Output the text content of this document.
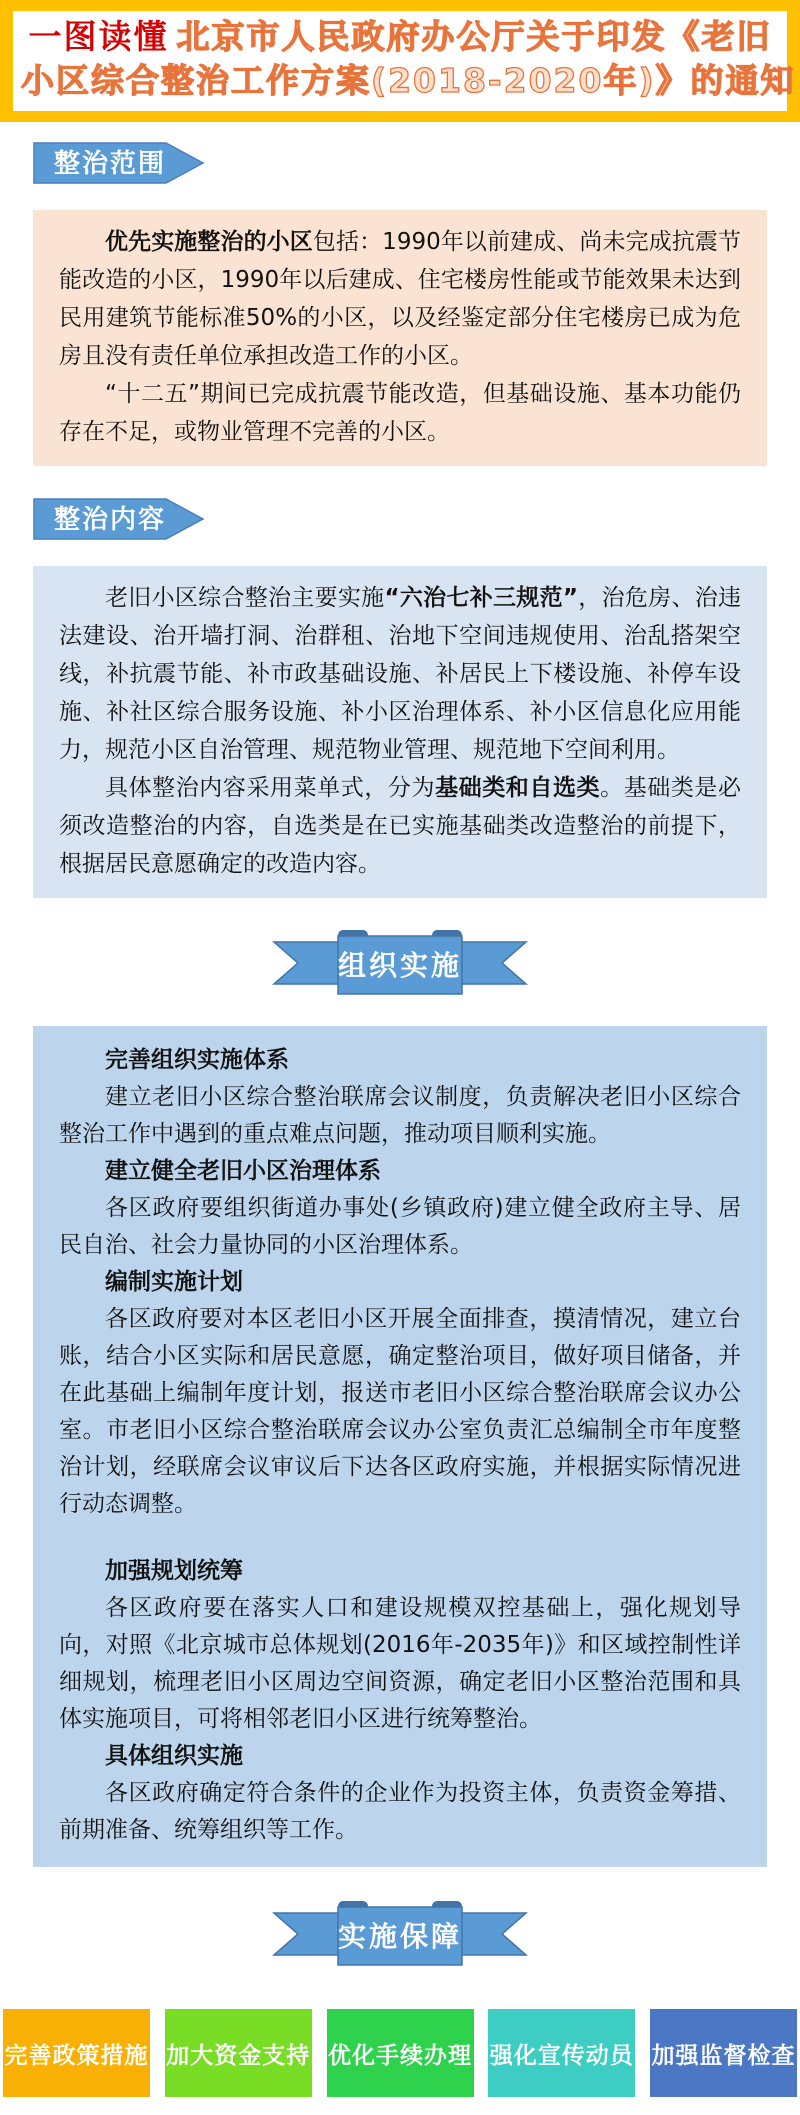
一图读懂 北京市人民政府办公厅关于印发《老旧
小区综合整治工作方案(2018-2020年)》的通知
整治范围

优先实施整治的小区包括：1990年以前建成、尚未完成抗震节能改造的小区，1990年以后建成、住宅楼房性能或节能效果未达到民用建筑节能标准50%的小区，以及经鉴定部分住宅楼房已成为危房且没有责任单位承担改造工作的小区。

“十二五”期间已完成抗震节能改造，但基础设施、基本功能仍存在不足，或物业管理不完善的小区。

整治内容

老旧小区综合整治主要实施“六治七补三规范”，治危房、治违法建设、治开墙打洞、治群租、治地下空间违规使用、治乱搭架空线，补抗震节能、补市政基础设施、补居民上下楼设施、补停车设施、补社区综合服务设施、补小区治理体系、补小区信息化应用能力，规范小区自治管理、规范物业管理、规范地下空间利用。

具体整治内容采用菜单式，分为基础类和自选类。基础类是必须改造整治的内容，自选类是在已实施基础类改造整治的前提下，根据居民意愿确定的改造内容。

组织实施

完善组织实施体系

建立老旧小区综合整治联席会议制度，负责解决老旧小区综合整治工作中遇到的重点难点问题，推动项目顺利实施。

建立健全老旧小区治理体系

各区政府要组织街道办事处(乡镇政府)建立健全政府主导、居民自治、社会力量协同的小区治理体系。

编制实施计划

各区政府要对本区老旧小区开展全面排查，摸清情况，建立台账，结合小区实际和居民意愿，确定整治项目，做好项目储备，并在此基础上编制年度计划，报送市老旧小区综合整治联席会议办公室。市老旧小区综合整治联席会议办公室负责汇总编制全市年度整治计划，经联席会议审议后下达各区政府实施，并根据实际情况进行动态调整。

加强规划统筹

各区政府要在落实人口和建设规模双控基础上，强化规划导向，对照《北京城市总体规划(2016年-2035年)》和区域控制性详细规划，梳理老旧小区周边空间资源，确定老旧小区整治范围和具体实施项目，可将相邻老旧小区进行统筹整治。

具体组织实施

各区政府确定符合条件的企业作为投资主体，负责资金筹措、前期准备、统筹组织等工作。

实施保障
完善政策措施 加大资金支持 优化手续办理 强化宣传动员 加强监督检查
